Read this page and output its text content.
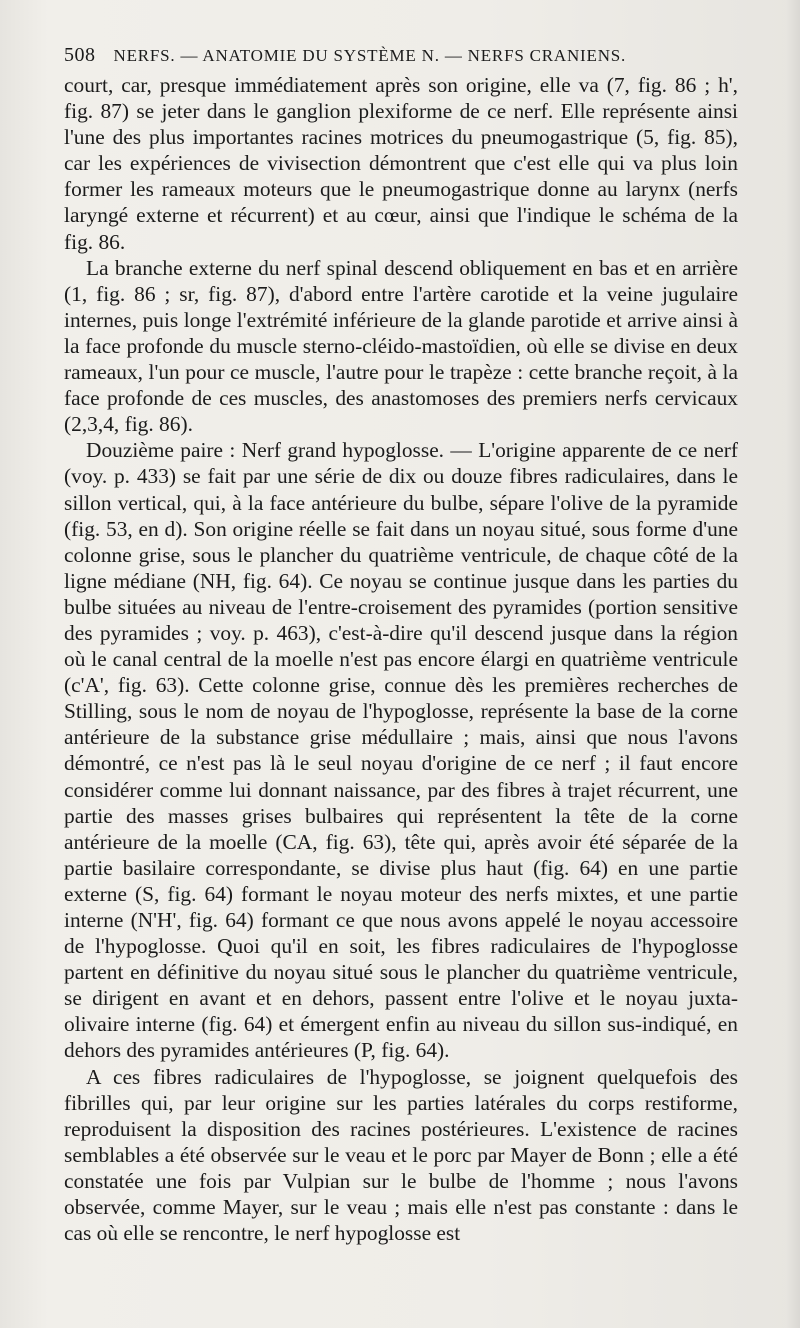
508 NERFS. — ANATOMIE DU SYSTÈME N. — NERFS CRANIENS.

court, car, presque immédiatement après son origine, elle va (7, fig. 86 ; h', fig. 87) se jeter dans le ganglion plexiforme de ce nerf. Elle représente ainsi l'une des plus importantes racines motrices du pneumogastrique (5, fig. 85), car les expériences de vivisection démontrent que c'est elle qui va plus loin former les rameaux moteurs que le pneumogastrique donne au larynx (nerfs laryngé externe et récurrent) et au cœur, ainsi que l'indique le schéma de la fig. 86.

La branche externe du nerf spinal descend obliquement en bas et en arrière (1, fig. 86 ; sr, fig. 87), d'abord entre l'artère carotide et la veine jugulaire internes, puis longe l'extrémité inférieure de la glande parotide et arrive ainsi à la face profonde du muscle sterno-cléido-mastoïdien, où elle se divise en deux rameaux, l'un pour ce muscle, l'autre pour le trapèze : cette branche reçoit, à la face profonde de ces muscles, des anastomoses des premiers nerfs cervicaux (2,3,4, fig. 86).

Douzième paire : Nerf grand hypoglosse. — L'origine apparente de ce nerf (voy. p. 433) se fait par une série de dix ou douze fibres radiculaires, dans le sillon vertical, qui, à la face antérieure du bulbe, sépare l'olive de la pyramide (fig. 53, en d). Son origine réelle se fait dans un noyau situé, sous forme d'une colonne grise, sous le plancher du quatrième ventricule, de chaque côté de la ligne médiane (NH, fig. 64). Ce noyau se continue jusque dans les parties du bulbe situées au niveau de l'entre-croisement des pyramides (portion sensitive des pyramides ; voy. p. 463), c'est-à-dire qu'il descend jusque dans la région où le canal central de la moelle n'est pas encore élargi en quatrième ventricule (c'A', fig. 63). Cette colonne grise, connue dès les premières recherches de Stilling, sous le nom de noyau de l'hypoglosse, représente la base de la corne antérieure de la substance grise médullaire ; mais, ainsi que nous l'avons démontré, ce n'est pas là le seul noyau d'origine de ce nerf ; il faut encore considérer comme lui donnant naissance, par des fibres à trajet récurrent, une partie des masses grises bulbaires qui représentent la tête de la corne antérieure de la moelle (CA, fig. 63), tête qui, après avoir été séparée de la partie basilaire correspondante, se divise plus haut (fig. 64) en une partie externe (S, fig. 64) formant le noyau moteur des nerfs mixtes, et une partie interne (N'H', fig. 64) formant ce que nous avons appelé le noyau accessoire de l'hypoglosse. Quoi qu'il en soit, les fibres radiculaires de l'hypoglosse partent en définitive du noyau situé sous le plancher du quatrième ventricule, se dirigent en avant et en dehors, passent entre l'olive et le noyau juxta-olivaire interne (fig. 64) et émergent enfin au niveau du sillon sus-indiqué, en dehors des pyramides antérieures (P, fig. 64).

A ces fibres radiculaires de l'hypoglosse, se joignent quelquefois des fibrilles qui, par leur origine sur les parties latérales du corps restiforme, reproduisent la disposition des racines postérieures. L'existence de racines semblables a été observée sur le veau et le porc par Mayer de Bonn ; elle a été constatée une fois par Vulpian sur le bulbe de l'homme ; nous l'avons observée, comme Mayer, sur le veau ; mais elle n'est pas constante : dans le cas où elle se rencontre, le nerf hypoglosse est
